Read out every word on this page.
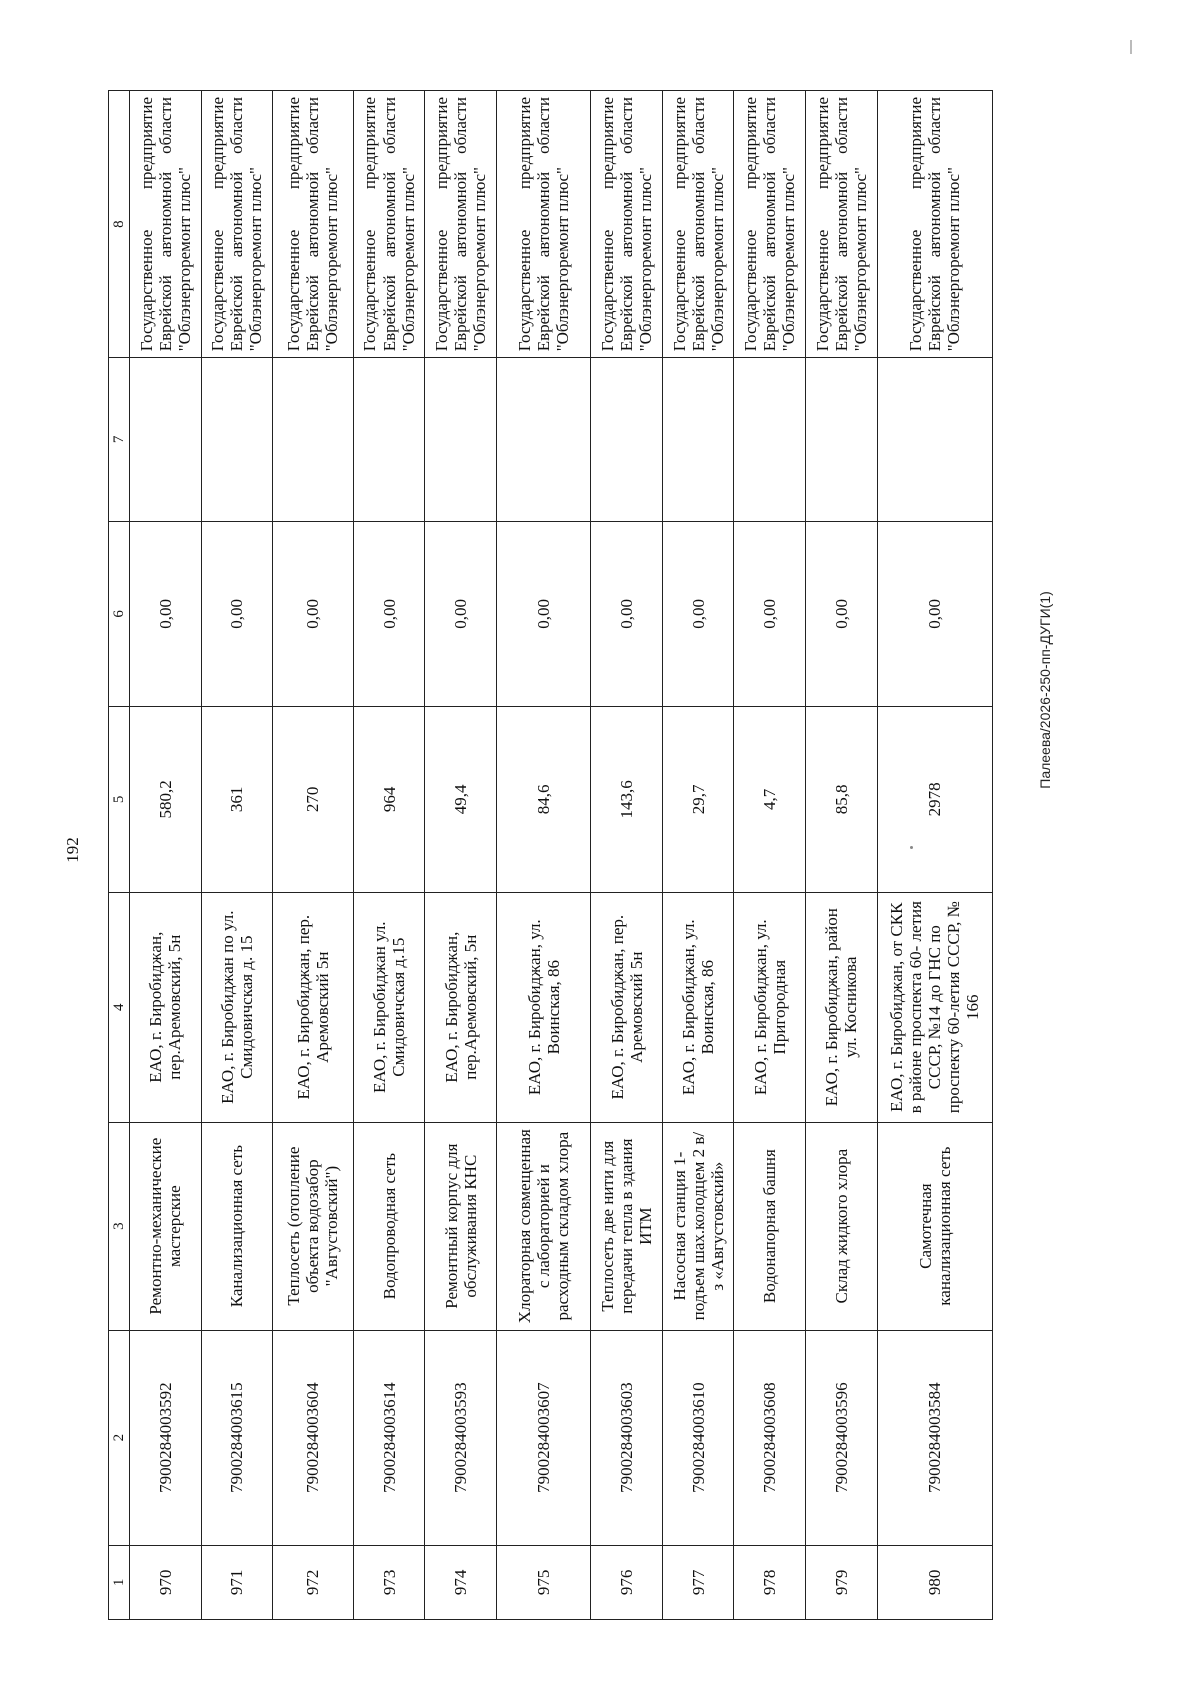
192
Палеева/2026-250-пп-ДУГИ(1)
1	2	3	4	5	6	7	8
970	7900284003592	Ремонтно-механические мастерские	ЕАО, г. Биробиджан, пер.Аремовский, 5н	580,2	0,00		Государственное предприятие Еврейской автономной области "Облэнергоремонт плюс"
971	7900284003615	Канализационная сеть	ЕАО, г. Биробиджан по ул. Смидовичская д. 15	361	0,00		Государственное предприятие Еврейской автономной области "Облэнергоремонт плюс"
972	7900284003604	Теплосеть (отопление объекта водозабор "Августовский")	ЕАО, г. Биробиджан, пер. Аремовский 5н	270	0,00		Государственное предприятие Еврейской автономной области "Облэнергоремонт плюс"
973	7900284003614	Водопроводная сеть	ЕАО, г. Биробиджан ул. Смидовичская д.15	964	0,00		Государственное предприятие Еврейской автономной области "Облэнергоремонт плюс"
974	7900284003593	Ремонтный корпус для обслуживания КНС	ЕАО, г. Биробиджан, пер.Аремовский, 5н	49,4	0,00		Государственное предприятие Еврейской автономной области "Облэнергоремонт плюс"
975	7900284003607	Хлораторная совмещенная с лабораторией и расходным складом хлора	ЕАО, г. Биробиджан, ул. Воинская, 86	84,6	0,00		Государственное предприятие Еврейской автономной области "Облэнергоремонт плюс"
976	7900284003603	Теплосеть две нити для передачи тепла в здания ИТМ	ЕАО, г. Биробиджан, пер. Аремовский 5н	143,6	0,00		Государственное предприятие Еврейской автономной области "Облэнергоремонт плюс"
977	7900284003610	Насосная станция 1-подъем шах.колодцем 2 в/з «Августовский»	ЕАО, г. Биробиджан, ул. Воинская, 86	29,7	0,00		Государственное предприятие Еврейской автономной области "Облэнергоремонт плюс"
978	7900284003608	Водонапорная башня	ЕАО, г. Биробиджан, ул. Пригородная	4,7	0,00		Государственное предприятие Еврейской автономной области "Облэнергоремонт плюс"
979	7900284003596	Склад жидкого хлора	ЕАО, г. Биробиджан, район ул. Косникова	85,8	0,00		Государственное предприятие Еврейской автономной области "Облэнергоремонт плюс"
980	7900284003584	Самотечная канализационная сеть	ЕАО, г. Биробиджан, от СКК в районе проспекта 60- летия СССР, №14 до ГНС по проспекту 60-летия СССР, № 166	2978	0,00		Государственное предприятие Еврейской автономной области "Облэнергоремонт плюс"
